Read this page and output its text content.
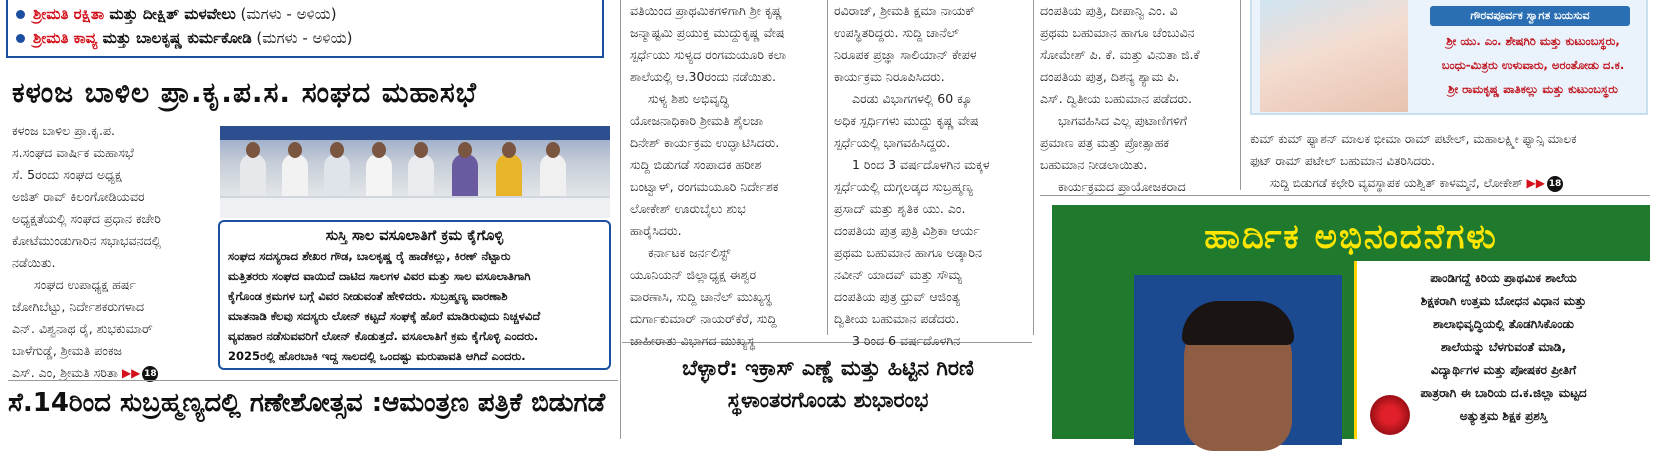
ಶ್ರೀಮತಿ ರಕ್ಷಿತಾ ಮತ್ತು ದೀಕ್ಷಿತ್ ಮಳವೇಲು (ಮಗಳು - ಅಳಿಯ)
ಶ್ರೀಮತಿ ಕಾವ್ಯ ಮತ್ತು ಬಾಲಕೃಷ್ಣ ಕುರ್ಮಕೋಡಿ (ಮಗಳು - ಅಳಿಯ)
ಕಳಂಜ ಬಾಳಿಲ ಪ್ರಾ.ಕೃ.ಪ.ಸ. ಸಂಘದ ಮಹಾಸಭೆ
ಕಳಂಜ ಬಾಳಿಲ ಪ್ರಾ.ಕೃ.ಪ.
ಸ.ಸಂಘದ ವಾರ್ಷಿಕ ಮಹಾಸಭೆ
ಸೆ. 5ರಂದು ಸಂಘದ ಅಧ್ಯಕ್ಷ
ಅಜಿತ್ ರಾವ್ ಕಿಲಂಗೋಡಿಯವರ
ಅಧ್ಯಕ್ಷತೆಯಲ್ಲಿ ಸಂಘದ ಪ್ರಧಾನ ಕಚೇರಿ
ಕೋಟೆಮುಂಡುಗಾರಿನ ಸಭಾಭವನದಲ್ಲಿ
ನಡೆಯಿತು.
ಸಂಘದ ಉಪಾಧ್ಯಕ್ಷ ಹರ್ಷ
ಜೋಗಿಬೆಟ್ಟು, ನಿರ್ದೇಶಕರುಗಳಾದ
ಎನ್. ವಿಶ್ವನಾಥ ರೈ, ಶುಭಕುಮಾರ್
ಬಾಳೆಗುಡ್ಡೆ, ಶ್ರೀಮತಿ ಪಂಕಜ
ಎಸ್. ಎಂ, ಶ್ರೀಮತಿ ಸರಿತಾ ▶▶ 18
ಸುಸ್ತಿ ಸಾಲ ವಸೂಲಾತಿಗೆ ಕ್ರಮ ಕೈಗೊಳ್ಳಿ
ಸಂಘದ ಸದಸ್ಯರಾದ ಶೇಖರ ಗೌಡ, ಬಾಲಕೃಷ್ಣ ರೈ ಹಾಡೆಕಲ್ಲು, ಕಿರಣ್ ನೆಟ್ಟಾರು
ಮತ್ತಿತರರು ಸಂಘದ ವಾಯಿದೆ ದಾಟಿದ ಸಾಲಗಳ ವಿವರ ಮತ್ತು ಸಾಲ ವಸೂಲಾತಿಗಾಗಿ
ಕೈಗೊಂಡ ಕ್ರಮಗಳ ಬಗ್ಗೆ ವಿವರ ನೀಡುವಂತೆ ಹೇಳಿದರು. ಸುಬ್ರಹ್ಮಣ್ಯ ವಾರಣಾಶಿ
ಮಾತನಾಡಿ ಕೆಲವು ಸದಸ್ಯರು ಲೋನ್ ಕಟ್ಟದೆ ಸಂಘಕ್ಕೆ ಹೊರೆ ಮಾಡಿರುವುದು ನಿಚ್ಚಳವಿದೆ
ವ್ಯವಹಾರ ನಡೆಸುವವರಿಗೆ ಲೋನ್ ಕೊಡುತ್ತದೆ. ವಸೂಲಾತಿಗೆ ಕ್ರಮ ಕೈಗೊಳ್ಳಿ ಎಂದರು.
2025ರಲ್ಲಿ ಹೊರಬಾಕಿ ಇದ್ದ ಸಾಲದಲ್ಲಿ ಒಂದಷ್ಟು ಮರುಪಾವತಿ ಆಗಿದೆ ಎಂದರು.
ಸೆ.14ರಿಂದ ಸುಬ್ರಹ್ಮಣ್ಯದಲ್ಲಿ ಗಣೇಶೋತ್ಸವ :ಆಮಂತ್ರಣ ಪತ್ರಿಕೆ ಬಿಡುಗಡೆ
ವತಿಯಿಂದ ಪ್ರಾಥಮಿಕಗಳಿಗಾಗಿ ಶ್ರೀ ಕೃಷ್ಣ
ಜನ್ಮಾಷ್ಟಮಿ ಪ್ರಯುಕ್ತ ಮುದ್ದುಕೃಷ್ಣ ವೇಷ
ಸ್ಪರ್ಧೆಯು ಸುಳ್ಯದ ರಂಗಮಯೂರಿ ಕಲಾ
ಶಾಲೆಯಲ್ಲಿ ಆ.30ರಂದು ನಡೆಯಿತು.
ಸುಳ್ಯ ಶಿಶು ಅಭಿವೃದ್ಧಿ
ಯೋಜನಾಧಿಕಾರಿ ಶ್ರೀಮತಿ ಶೈಲಜಾ
ದಿನೇಶ್ ಕಾರ್ಯಕ್ರಮ ಉದ್ಘಾಟಿಸಿದರು.
ಸುದ್ದಿ ಬಿಡುಗಡೆ ಸಂಪಾದಕ ಹರೀಶ
ಬಂಟ್ವಾಳ್, ರಂಗಮಯೂರಿ ನಿರ್ದೇಶಕ
ಲೋಕೇಶ್ ಊರುಬೈಲು ಶುಭ
ಹಾರೈಸಿದರು.
ಕರ್ನಾಟಕ ಜರ್ನಲಿಸ್ಟ್
ಯೂನಿಯನ್ ಜಿಲ್ಲಾಧ್ಯಕ್ಷ ಈಶ್ವರ
ವಾರಣಾಸಿ, ಸುದ್ದಿ ಚಾನೆಲ್ ಮುಖ್ಯಸ್ಥ
ದುರ್ಗಾಕುಮಾರ್ ನಾಯರ್‌ಕೆರೆ, ಸುದ್ದಿ
ಜಾಹೀರಾತು ವಿಭಾಗದ ಮುಖ್ಯಸ್ಥ
ರವಿರಾಜ್, ಶ್ರೀಮತಿ ಕ್ಷಮಾ ನಾಯಕ್
ಉಪಸ್ಥಿತರಿದ್ದರು. ಸುದ್ದಿ ಚಾನೆಲ್
ನಿರೂಪಕ ಪ್ರಜ್ಞಾ ಸಾಲಿಯಾನ್ ಕೇಪಳ
ಕಾರ್ಯಕ್ರಮ ನಿರೂಪಿಸಿದರು.
ಎರಡು ವಿಭಾಗಗಳಲ್ಲಿ 60 ಕ್ಕೂ
ಅಧಿಕ ಸ್ಪರ್ಧಿಗಳು ಮುದ್ದು ಕೃಷ್ಣ ವೇಷ
ಸ್ಪರ್ಧೆಯಲ್ಲಿ ಭಾಗವಹಿಸಿದ್ದರು.
1 ರಿಂದ 3 ವರ್ಷದೊಳಗಿನ ಮಕ್ಕಳ
ಸ್ಪರ್ಧೆಯಲ್ಲಿ ದುಗ್ಗಲಡ್ಕದ ಸುಬ್ರಹ್ಮಣ್ಯ
ಪ್ರಸಾದ್ ಮತ್ತು ಶೃತಿಕ ಯು. ಎಂ.
ದಂಪತಿಯ ಪುತ್ರ ಪುತ್ರಿ ವಿಶ್ರಿಕಾ ಆರ್ಯ
ಪ್ರಥಮ ಬಹುಮಾನ ಹಾಗೂ ಅಡ್ಕಾರಿನ
ನವೀನ್ ಯಾದವ್ ಮತ್ತು ಸೌಮ್ಯ
ದಂಪತಿಯ ಪುತ್ರ ಧ್ರುವ್ ಆಜಿಂತ್ಯ
ದ್ವಿತೀಯ ಬಹುಮಾನ ಪಡೆದರು.
3 ರಿಂದ 6 ವರ್ಷದೊಳಗಿನ
ದಂಪತಿಯ ಪುತ್ರಿ, ದೀಪಾನ್ವಿ ಎಂ. ವಿ
ಪ್ರಥಮ ಬಹುಮಾನ ಹಾಗೂ ಚೆಂಬುವಿನ
ಸೋಮೇಶ್ ಪಿ. ಕೆ. ಮತ್ತು ವಿನುತಾ ಜಿ.ಕೆ
ದಂಪತಿಯ ಪುತ್ರ, ದಿಶನ್ಯ ಶ್ಯಾಮ ಪಿ.
ಎಸ್. ದ್ವಿತೀಯ ಬಹುಮಾನ ಪಡೆದರು.
ಭಾಗವಹಿಸಿದ ಎಲ್ಲ ಪುಟಾಣಿಗಳಿಗೆ
ಪ್ರಮಾಣ ಪತ್ರ ಮತ್ತು ಪ್ರೋತ್ಸಾಹಕ
ಬಹುಮಾನ ನೀಡಲಾಯಿತು.
ಕಾರ್ಯಕ್ರಮದ ಪ್ರಾಯೋಜಕರಾದ
ಬೆಳ್ಳಾರೆ: ಇಕ್ರಾಸ್ ಎಣ್ಣೆ ಮತ್ತು ಹಿಟ್ಟಿನ ಗಿರಣಿ
ಸ್ಥಳಾಂತರಗೊಂಡು ಶುಭಾರಂಭ
ಗೌರವಪೂರ್ವಕ ಸ್ವಾಗತ ಬಯಸುವ
ಶ್ರೀ ಯು. ಎಂ. ಶೇಷಗಿರಿ ಮತ್ತು ಕುಟುಂಬಸ್ಥರು,
ಬಂಧು-ಮಿತ್ರರು ಉಳುವಾರು, ಅರಂತೋಡು ದ.ಕ.
ಶ್ರೀ ರಾಮಕೃಷ್ಣ ಪಾತಿಕಲ್ಲು ಮತ್ತು ಕುಟುಂಬಸ್ಥರು
ಕುಮ್ ಕುಮ್ ಫ್ಯಾಶನ್ ಮಾಲಕ ಭೀಮಾ ರಾಮ್ ಪಟೇಲ್, ಮಹಾಲಕ್ಷ್ಮೀ ಫ್ಯಾನ್ಸಿ ಮಾಲಕ
ಫುಟ್ ರಾಮ್ ಪಟೇಲ್ ಬಹುಮಾನ ವಿತರಿಸಿದರು.
ಸುದ್ದಿ ಬಿಡುಗಡೆ ಕಛೇರಿ ವ್ಯವಸ್ಥಾಪಕ ಯಶ್ವಿತ್ ಕಾಳಮ್ಮನೆ, ಲೋಕೇಶ್ ▶▶ 18
ಹಾರ್ದಿಕ ಅಭಿನಂದನೆಗಳು
ಪಾಂಡಿಗದ್ದೆ ಕಿರಿಯ ಪ್ರಾಥಮಿಕ ಶಾಲೆಯ
ಶಿಕ್ಷಕರಾಗಿ ಉತ್ತಮ ಬೋಧನ ವಿಧಾನ ಮತ್ತು
ಶಾಲಾಭಿವೃದ್ಧಿಯಲ್ಲಿ ತೊಡಗಿಸಿಕೊಂಡು
ಶಾಲೆಯನ್ನು ಬೆಳಗುವಂತೆ ಮಾಡಿ,
ವಿದ್ಯಾರ್ಥಿಗಳ ಮತ್ತು ಪೋಷಕರ ಪ್ರೀತಿಗೆ
ಪಾತ್ರರಾಗಿ ಈ ಬಾರಿಯ ದ.ಕ.ಜಿಲ್ಲಾ ಮಟ್ಟದ
ಅತ್ಯುತ್ತಮ ಶಿಕ್ಷಕ ಪ್ರಶಸ್ತಿ
